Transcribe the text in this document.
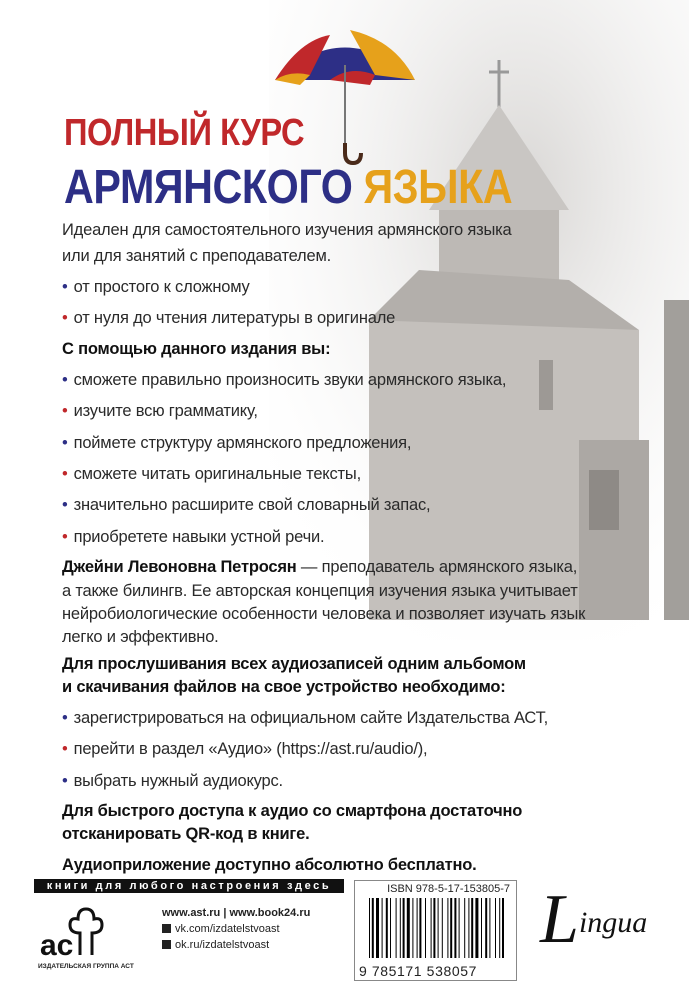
ПОЛНЫЙ КУРС
АРМЯНСКОГО ЯЗЫКА
Идеален для самостоятельного изучения армянского языка
или для занятий с преподавателем.
• от простого к сложному
• от нуля до чтения литературы в оригинале
С помощью данного издания вы:
• сможете правильно произносить звуки армянского языка,
• изучите всю грамматику,
• поймете структуру армянского предложения,
• сможете читать оригинальные тексты,
• значительно расширите свой словарный запас,
• приобретете навыки устной речи.
Джейни Левоновна Петросян — преподаватель армянского языка,
а также билингв. Ее авторская концепция изучения языка учитывает
нейробиологические особенности человека и позволяет изучать язык
легко и эффективно.
Для прослушивания всех аудиозаписей одним альбомом
и скачивания файлов на свое устройство необходимо:
• зарегистрироваться на официальном сайте Издательства АСТ,
• перейти в раздел «Аудио» (https://ast.ru/audio/),
• выбрать нужный аудиокурс.
Для быстрого доступа к аудио со смартфона достаточно
отсканировать QR-код в книге.
Аудиоприложение доступно абсолютно бесплатно.
книги для любого настроения здесь
ac
ИЗДАТЕЛЬСКАЯ ГРУППА АСТ
www.ast.ru | www.book24.ru
vk.com/izdatelstvoast
ok.ru/izdatelstvoast
ISBN 978-5-17-153805-7
9 785171 538057
Lingua
